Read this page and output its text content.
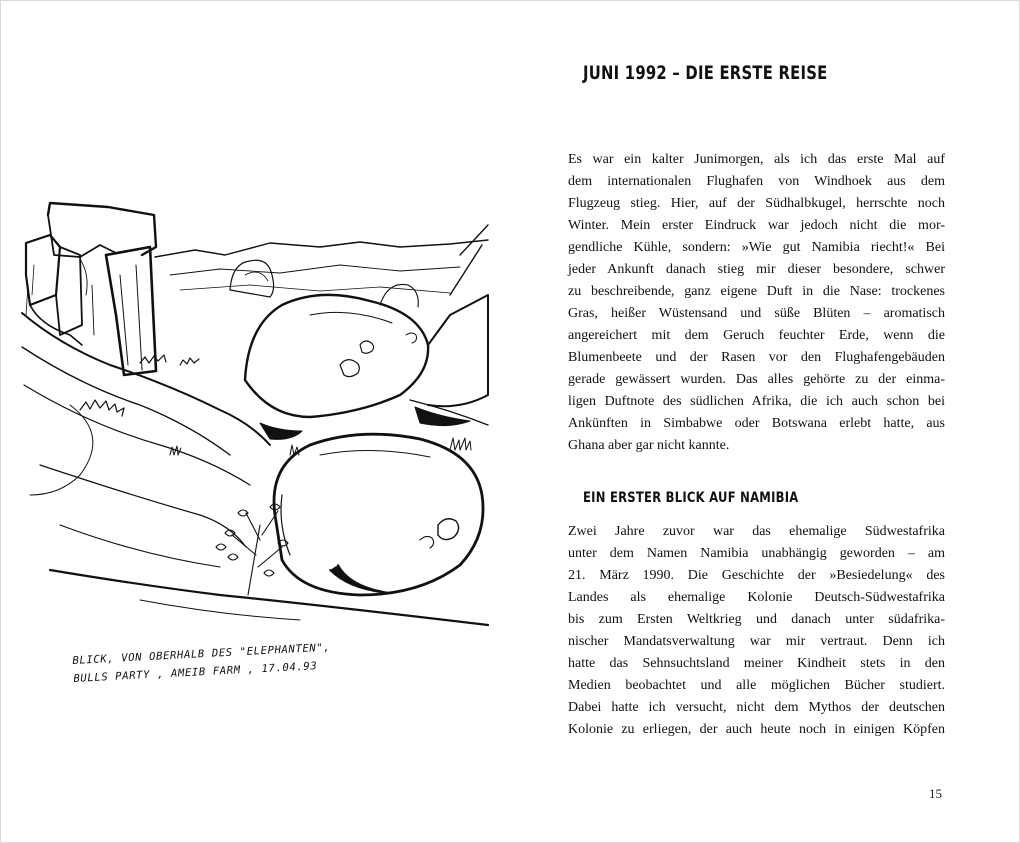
BLICK, VON OBERHALB DES "ELEPHANTEN",
BULLS PARTY , AMEIB FARM , 17.04.93

JUNI 1992 – DIE ERSTE REISE
Es war ein kalter Junimorgen, als ich das erste Mal auf
dem internationalen Flughafen von Windhoek aus dem
Flugzeug stieg. Hier, auf der Südhalbkugel, herrschte noch
Winter. Mein erster Eindruck war jedoch nicht die mor-
gendliche Kühle, sondern: »Wie gut Namibia riecht!« Bei
jeder Ankunft danach stieg mir dieser besondere, schwer
zu beschreibende, ganz eigene Duft in die Nase: trockenes
Gras, heißer Wüstensand und süße Blüten – aromatisch
angereichert mit dem Geruch feuchter Erde, wenn die
Blumenbeete und der Rasen vor den Flughafengebäuden
gerade gewässert wurden. Das alles gehörte zu der einma-
ligen Duftnote des südlichen Afrika, die ich auch schon bei
Ankünften in Simbabwe oder Botswana erlebt hatte, aus
Ghana aber gar nicht kannte.
EIN ERSTER BLICK AUF NAMIBIA
Zwei Jahre zuvor war das ehemalige Südwestafrika
unter dem Namen Namibia unabhängig geworden – am
21. März 1990. Die Geschichte der »Besiedelung« des
Landes als ehemalige Kolonie Deutsch-Südwestafrika
bis zum Ersten Weltkrieg und danach unter südafrika-
nischer Mandatsverwaltung war mir vertraut. Denn ich
hatte das Sehnsuchtsland meiner Kindheit stets in den
Medien beobachtet und alle möglichen Bücher studiert.
Dabei hatte ich versucht, nicht dem Mythos der deutschen
Kolonie zu erliegen, der auch heute noch in einigen Köpfen

15
